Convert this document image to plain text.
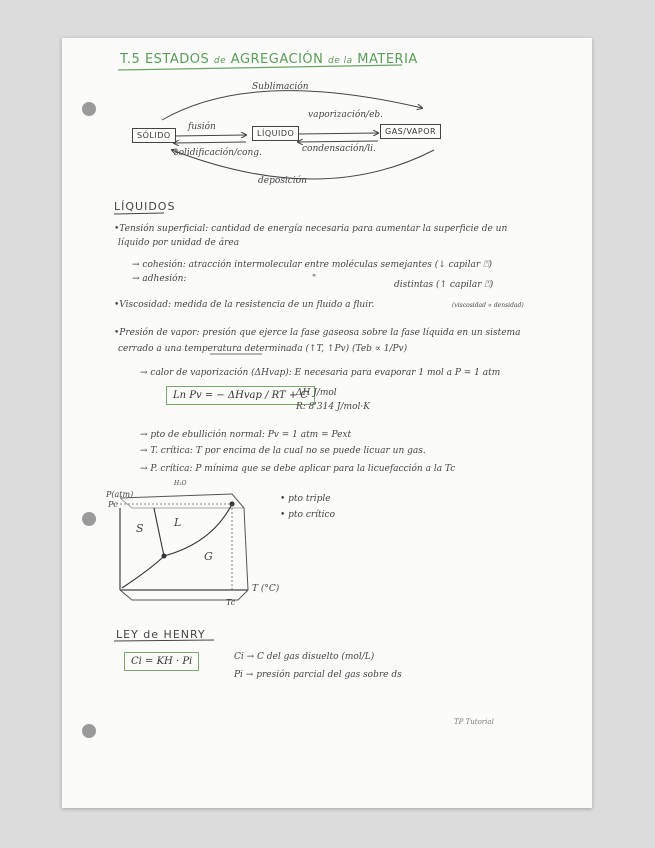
T.5 ESTADOS de AGREGACIÓN de la MATERIA
SÓLIDO	LÍQUIDO	GAS/VAPOR
Sublimación
fusión
solidificación/cong.
vaporización/eb.
condensación/li.
deposición
LÍQUIDOS
•Tensión superficial: cantidad de energía necesaria para aumentar la superficie de un
líquido por unidad de área
→ cohesión: atracción intermolecular entre moléculas semejantes (↓ capilar ⍞)
→ adhesión:	"
distintas (↑ capilar ⍞)
•Viscosidad: medida de la resistencia de un fluido a fluir.	(viscosidad ∝ densidad)
•Presión de vapor: presión que ejerce la fase gaseosa sobre la fase líquida en un sistema
cerrado a una temperatura determinada (↑T, ↑Pv) (Teb ∝ 1/Pv)
→ calor de vaporización (ΔHvap): E necesaria para evaporar 1 mol a P = 1 atm
Ln Pv = − ΔHvap / RT + C
ΔH J/mol
R: 8'314 J/mol·K
→ pto de ebullición normal: Pv = 1 atm = Pext
→ T. crítica: T por encima de la cual no se puede licuar un gas.
→ P. crítica: P mínima que se debe aplicar para la licuefacción a la Tc
H₂O
P(atm)
Pc
S	L
G
T (°C)
Tc
• pto triple
• pto crítico
LEY de HENRY
Ci = KH · Pi	Ci → C del gas disuelto (mol/L)
Pi → presión parcial del gas sobre ds
TP Tutorial
